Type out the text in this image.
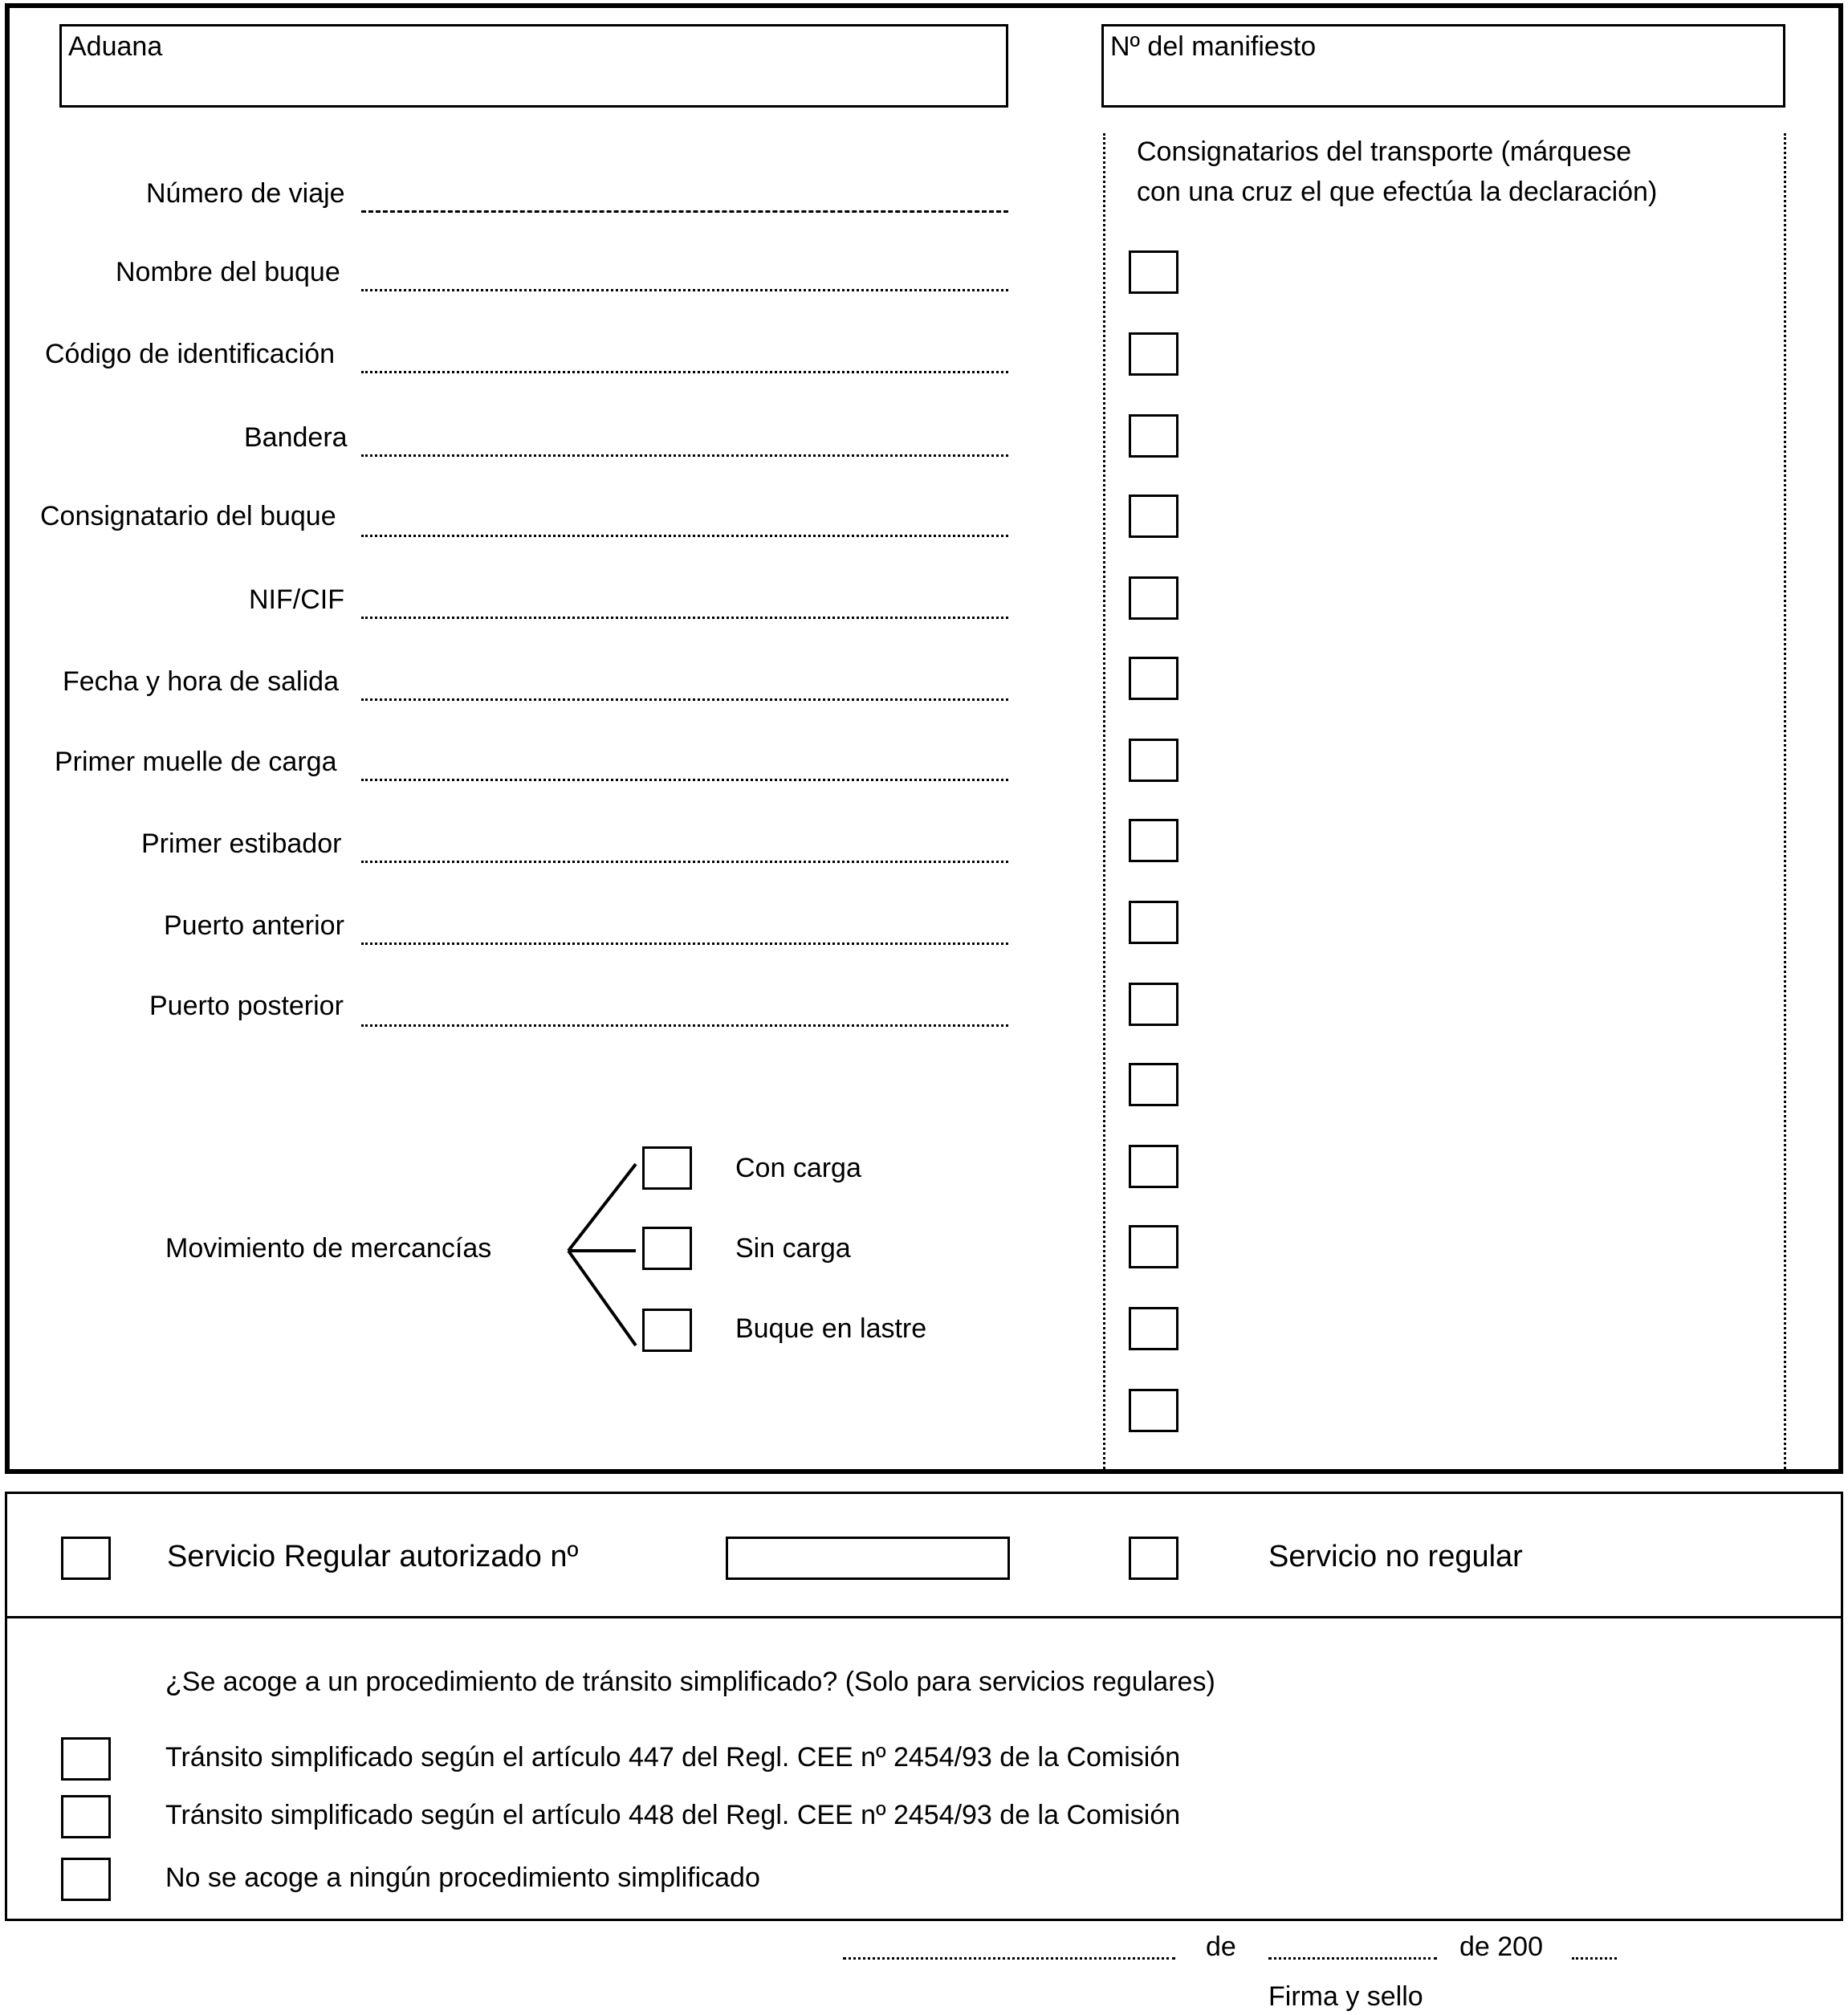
Aduana	Nº del manifiesto
Consignatarios del transporte (márquese
con una cruz el que efectúa la declaración)
Número de viaje
Nombre del buque
Código de identificación
Bandera
Consignatario del buque
NIF/CIF
Fecha y hora de salida
Primer muelle de carga
Primer estibador
Puerto anterior
Puerto posterior
Movimiento de mercancías
Con carga
Sin carga
Buque en lastre
Servicio Regular autorizado nº	Servicio no regular
¿Se acoge a un procedimiento de tránsito simplificado? (Solo para servicios regulares)
Tránsito simplificado según el artículo 447 del Regl. CEE nº 2454/93 de la Comisión
Tránsito simplificado según el artículo 448 del Regl. CEE nº 2454/93 de la Comisión
No se acoge a ningún procedimiento simplificado
de	de 200
Firma y sello
